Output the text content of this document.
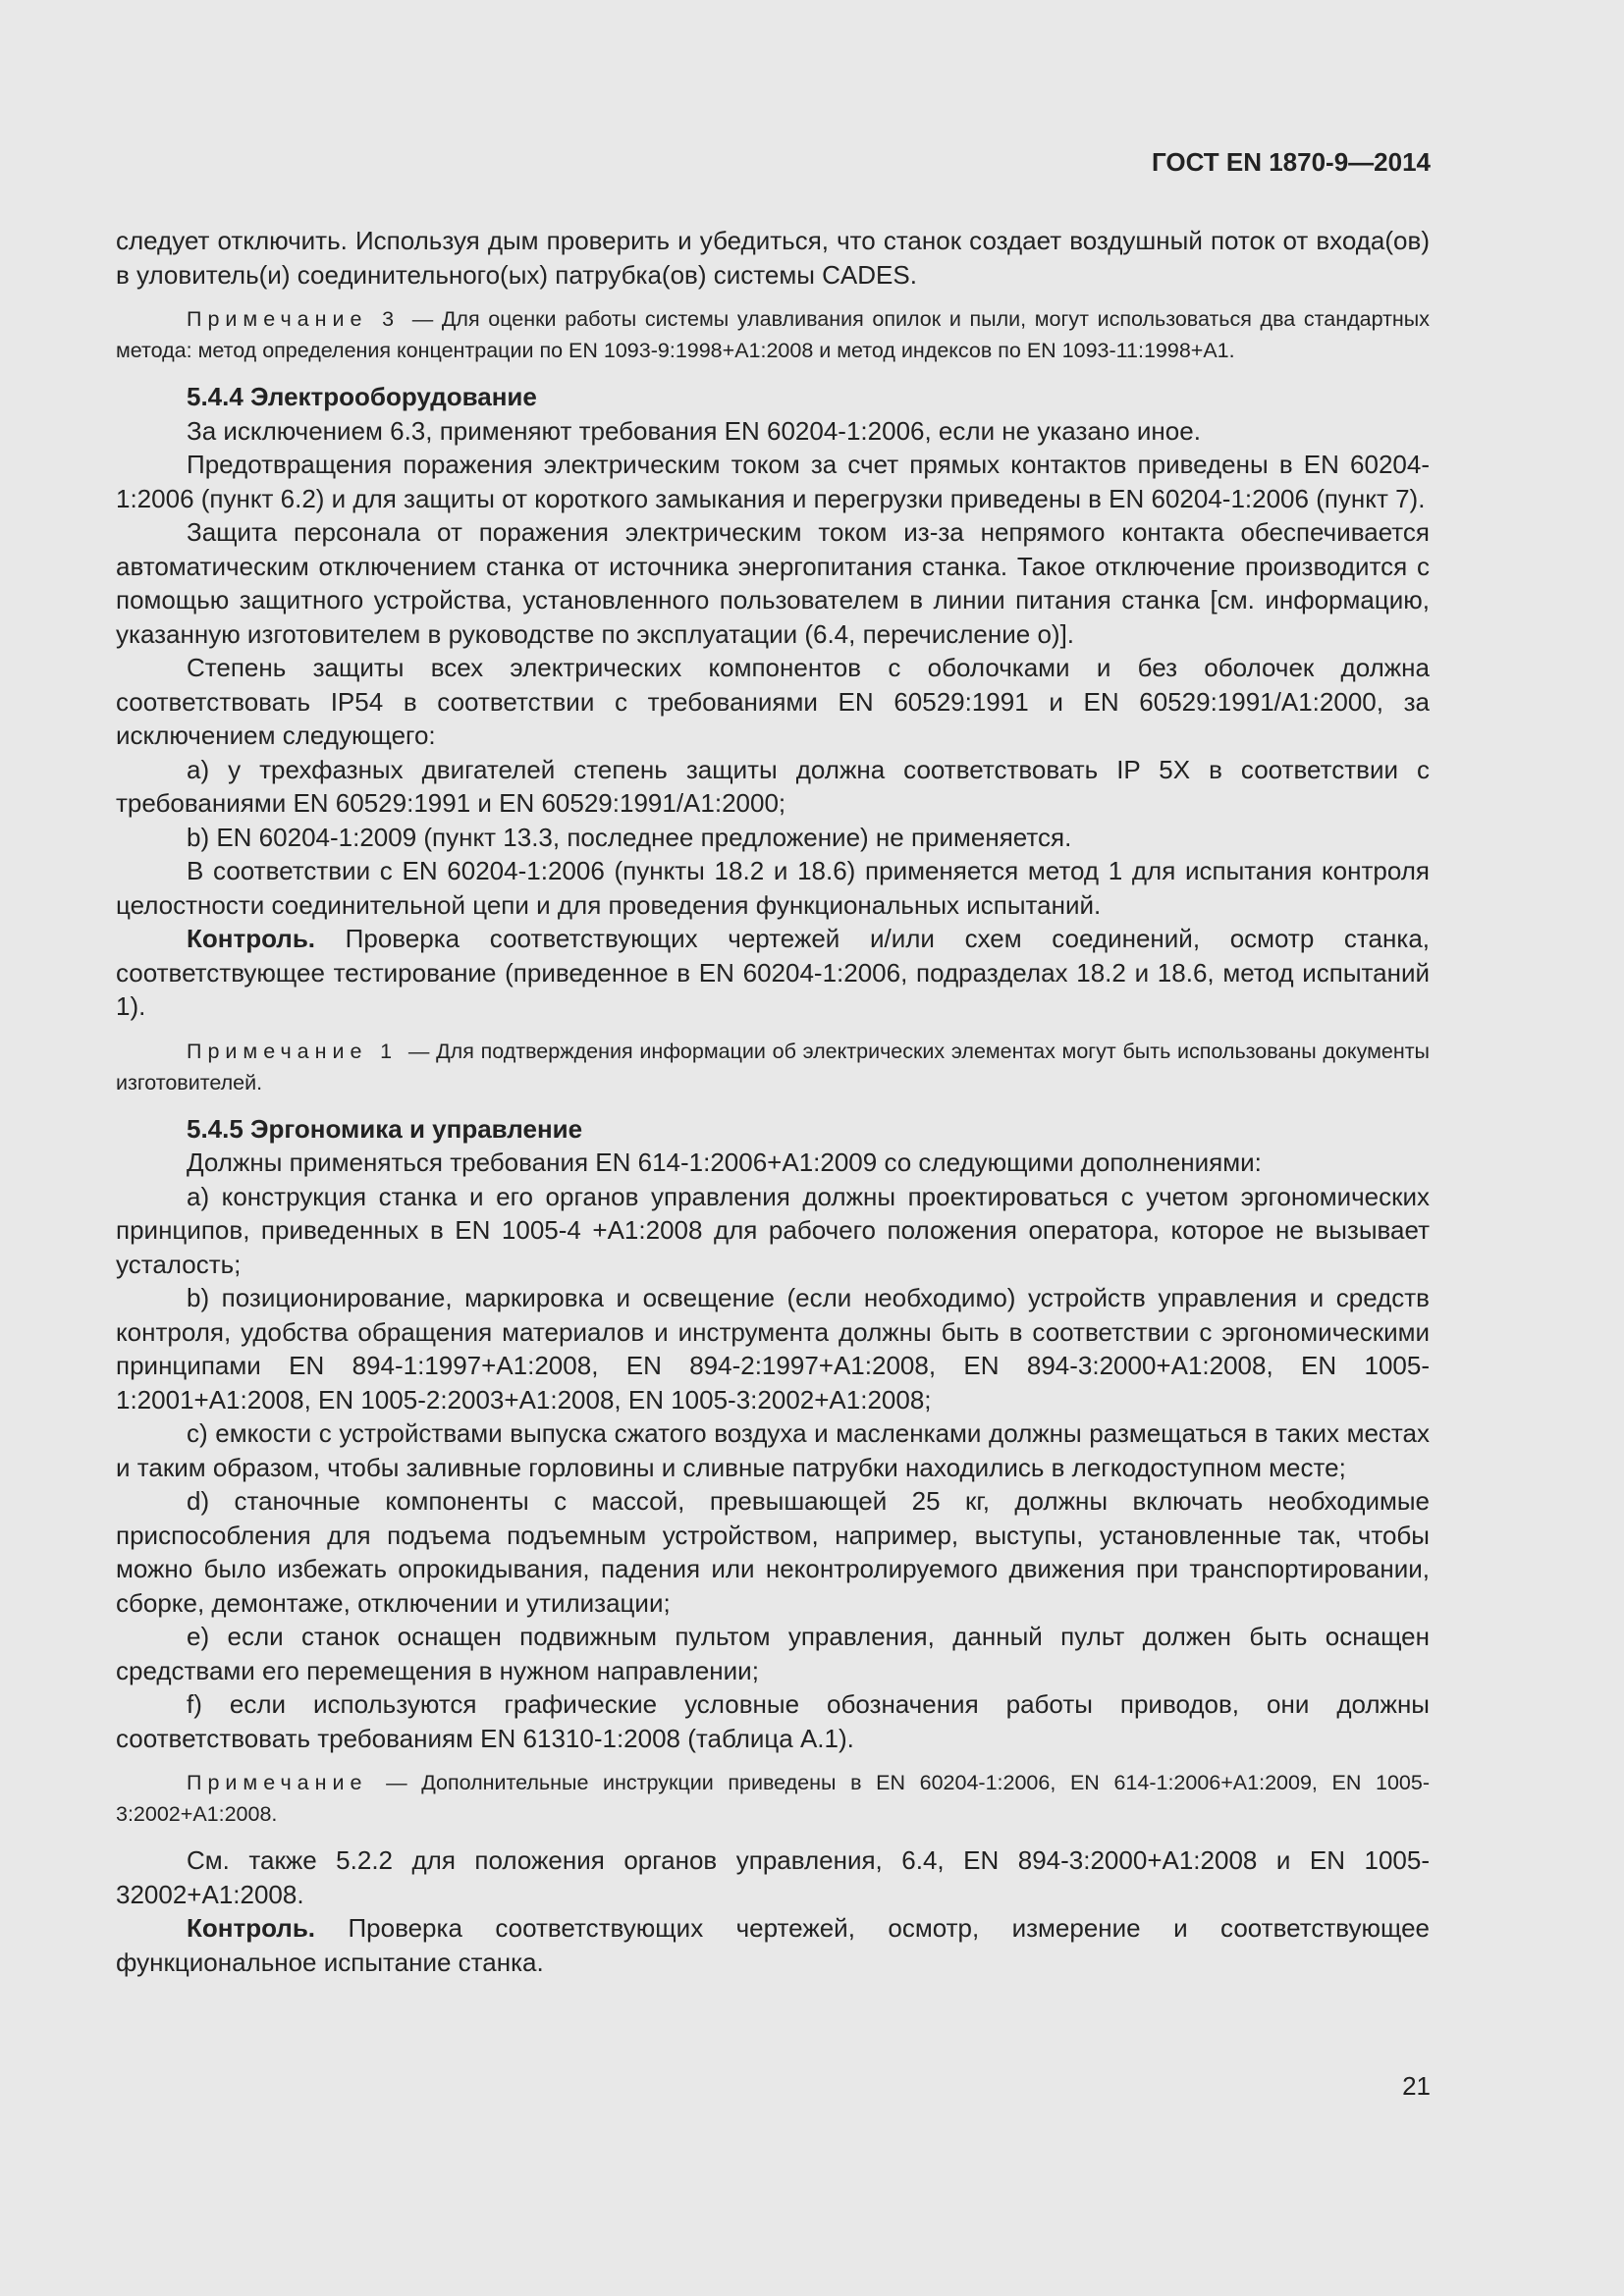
ГОСТ EN 1870-9—2014

следует отключить. Используя дым проверить и убедиться, что станок создает воздушный поток от входа(ов) в уловитель(и) соединительного(ых) патрубка(ов) системы CADES.

Примечание 3 — Для оценки работы системы улавливания опилок и пыли, могут использоваться два стандартных метода: метод определения концентрации по EN 1093-9:1998+A1:2008 и метод индексов по EN 1093-11:1998+A1.

5.4.4 Электрооборудование

За исключением 6.3, применяют требования EN 60204-1:2006, если не указано иное.

Предотвращения поражения электрическим током за счет прямых контактов приведены в EN 60204-1:2006 (пункт 6.2) и для защиты от короткого замыкания и перегрузки приведены в EN 60204-1:2006 (пункт 7).

Защита персонала от поражения электрическим током из-за непрямого контакта обеспечивается автоматическим отключением станка от источника энергопитания станка. Такое отключение производится с помощью защитного устройства, установленного пользователем в линии питания станка [см. информацию, указанную изготовителем в руководстве по эксплуатации (6.4, перечисление о)].

Степень защиты всех электрических компонентов с оболочками и без оболочек должна соответствовать IP54 в соответствии с требованиями EN 60529:1991 и EN 60529:1991/A1:2000, за исключением следующего:

a) у трехфазных двигателей степень защиты должна соответствовать IP 5X в соответствии с требованиями EN 60529:1991 и EN 60529:1991/A1:2000;

b) EN 60204-1:2009 (пункт 13.3, последнее предложение) не применяется.

В соответствии с EN 60204-1:2006 (пункты 18.2 и 18.6) применяется метод 1 для испытания контроля целостности соединительной цепи и для проведения функциональных испытаний.

Контроль. Проверка соответствующих чертежей и/или схем соединений, осмотр станка, соответствующее тестирование (приведенное в EN 60204-1:2006, подразделах 18.2 и 18.6, метод испытаний 1).

Примечание 1 — Для подтверждения информации об электрических элементах могут быть использованы документы изготовителей.

5.4.5 Эргономика и управление

Должны применяться требования EN 614-1:2006+A1:2009 со следующими дополнениями:

a) конструкция станка и его органов управления должны проектироваться с учетом эргономических принципов, приведенных в EN 1005-4 +A1:2008 для рабочего положения оператора, которое не вызывает усталость;

b) позиционирование, маркировка и освещение (если необходимо) устройств управления и средств контроля, удобства обращения материалов и инструмента должны быть в соответствии с эргономическими принципами EN 894-1:1997+A1:2008, EN 894-2:1997+A1:2008, EN 894-3:2000+A1:2008, EN 1005-1:2001+A1:2008, EN 1005-2:2003+A1:2008, EN 1005-3:2002+A1:2008;

c) емкости с устройствами выпуска сжатого воздуха и масленками должны размещаться в таких местах и таким образом, чтобы заливные горловины и сливные патрубки находились в легкодоступном месте;

d) станочные компоненты с массой, превышающей 25 кг, должны включать необходимые приспособления для подъема подъемным устройством, например, выступы, установленные так, чтобы можно было избежать опрокидывания, падения или неконтролируемого движения при транспортировании, сборке, демонтаже, отключении и утилизации;

e) если станок оснащен подвижным пультом управления, данный пульт должен быть оснащен средствами его перемещения в нужном направлении;

f) если используются графические условные обозначения работы приводов, они должны соответствовать требованиям EN 61310-1:2008 (таблица A.1).

Примечание — Дополнительные инструкции приведены в EN 60204-1:2006, EN 614-1:2006+A1:2009, EN 1005-3:2002+A1:2008.

См. также 5.2.2 для положения органов управления, 6.4, EN 894-3:2000+A1:2008 и EN 1005-32002+A1:2008.

Контроль. Проверка соответствующих чертежей, осмотр, измерение и соответствующее функциональное испытание станка.

21
